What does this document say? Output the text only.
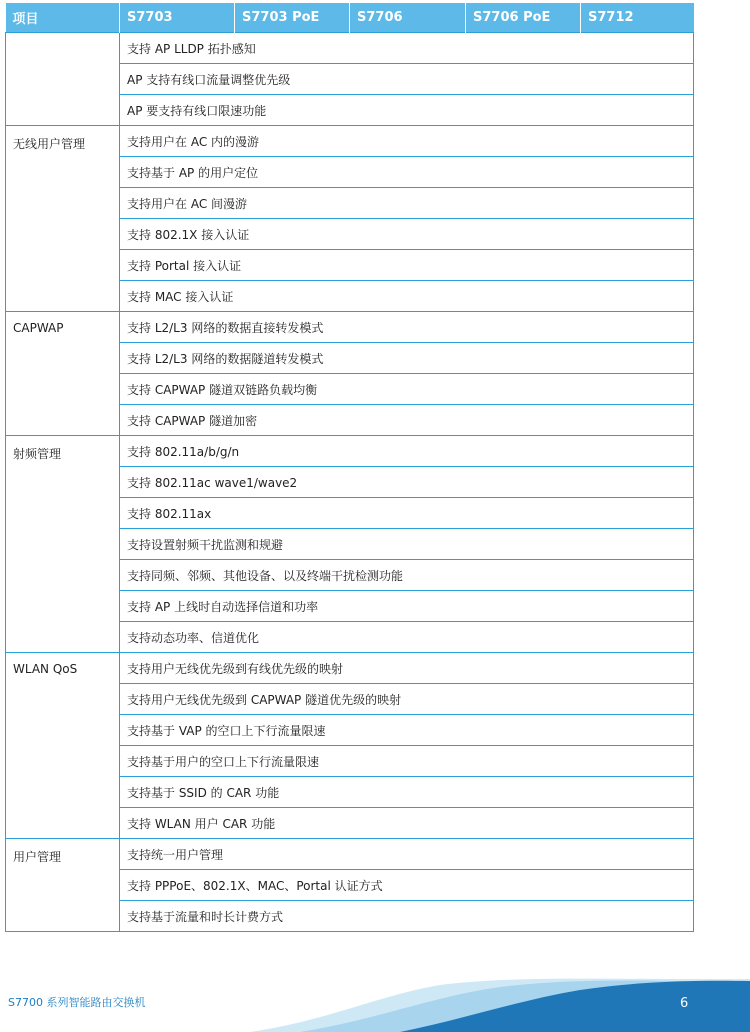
项目	S7703	S7703 PoE	S7706	S7706 PoE	S7712
	支持 AP LLDP 拓扑感知				
	AP 支持有线口流量调整优先级				
	AP 要支持有线口限速功能				
无线用户管理	支持用户在 AC 内的漫游				
	支持基于 AP 的用户定位				
	支持用户在 AC 间漫游				
	支持 802.1X 接入认证				
	支持 Portal 接入认证				
	支持 MAC 接入认证				
CAPWAP	支持 L2/L3 网络的数据直接转发模式				
	支持 L2/L3 网络的数据隧道转发模式				
	支持 CAPWAP 隧道双链路负载均衡				
	支持 CAPWAP 隧道加密				
射频管理	支持 802.11a/b/g/n				
	支持 802.11ac wave1/wave2				
	支持 802.11ax				
	支持设置射频干扰监测和规避				
	支持同频、邻频、其他设备、以及终端干扰检测功能				
	支持 AP 上线时自动选择信道和功率				
	支持动态功率、信道优化				
WLAN QoS	支持用户无线优先级到有线优先级的映射				
	支持用户无线优先级到 CAPWAP 隧道优先级的映射				
	支持基于 VAP 的空口上下行流量限速				
	支持基于用户的空口上下行流量限速				
	支持基于 SSID 的 CAR 功能				
	支持 WLAN 用户 CAR 功能				
用户管理	支持统一用户管理				
	支持 PPPoE、802.1X、MAC、Portal 认证方式				
	支持基于流量和时长计费方式				
S7700 系列智能路由交换机	6
